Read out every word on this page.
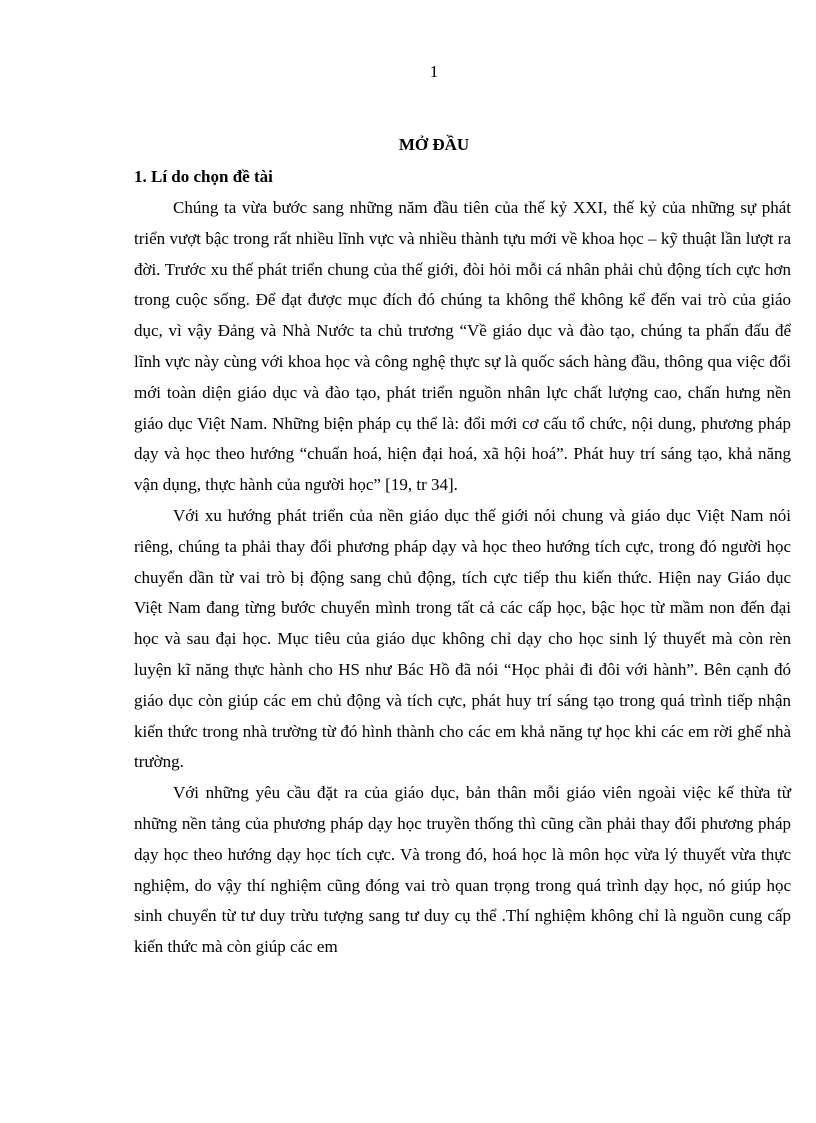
1
MỞ ĐẦU
1. Lí do chọn đề tài

Chúng ta vừa bước sang những năm đầu tiên của thế kỷ XXI, thế kỷ của những sự phát triển vượt bậc trong rất nhiều lĩnh vực và nhiều thành tựu mới về khoa học – kỹ thuật lần lượt ra đời. Trước xu thế phát triển chung của thế giới, đòi hỏi mỗi cá nhân phải chủ động tích cực hơn trong cuộc sống. Để đạt được mục đích đó chúng ta không thể không kể đến vai trò của giáo dục, vì vậy Đảng và Nhà Nước ta chủ trương “Về giáo dục và đào tạo, chúng ta phấn đấu để lĩnh vực này cùng với khoa học và công nghệ thực sự là quốc sách hàng đầu, thông qua việc đổi mới toàn diện giáo dục và đào tạo, phát triển nguồn nhân lực chất lượng cao, chấn hưng nền giáo dục Việt Nam. Những biện pháp cụ thể là: đổi mới cơ cấu tổ chức, nội dung, phương pháp dạy và học theo hướng “chuẩn hoá, hiện đại hoá, xã hội hoá”. Phát huy trí sáng tạo, khả năng vận dụng, thực hành của người học” [19, tr 34].

Với xu hướng phát triển của nền giáo dục thế giới nói chung và giáo dục Việt Nam nói riêng, chúng ta phải thay đổi phương pháp dạy và học theo hướng tích cực, trong đó người học chuyển dần từ vai trò bị động sang chủ động, tích cực tiếp thu kiến thức. Hiện nay Giáo dục Việt Nam đang từng bước chuyển mình trong tất cả các cấp học, bậc học từ mầm non đến đại học và sau đại học. Mục tiêu của giáo dục không chỉ dạy cho học sinh lý thuyết mà còn rèn luyện kĩ năng thực hành cho HS như Bác Hồ đã nói “Học phải đi đôi với hành”. Bên cạnh đó giáo dục còn giúp các em chủ động và tích cực, phát huy trí sáng tạo trong quá trình tiếp nhận kiến thức trong nhà trường từ đó hình thành cho các em khả năng tự học khi các em rời ghế nhà trường.

Với những yêu cầu đặt ra của giáo dục, bản thân mỗi giáo viên ngoài việc kế thừa từ những nền tảng của phương pháp dạy học truyền thống thì cũng cần phải thay đổi phương pháp dạy học theo hướng dạy học tích cực. Và trong đó, hoá học là môn học vừa lý thuyết vừa thực nghiệm, do vậy thí nghiệm cũng đóng vai trò quan trọng trong quá trình dạy học, nó giúp học sinh chuyển từ tư duy trừu tượng sang tư duy cụ thể .Thí nghiệm không chỉ là nguồn cung cấp kiến thức mà còn giúp các em
